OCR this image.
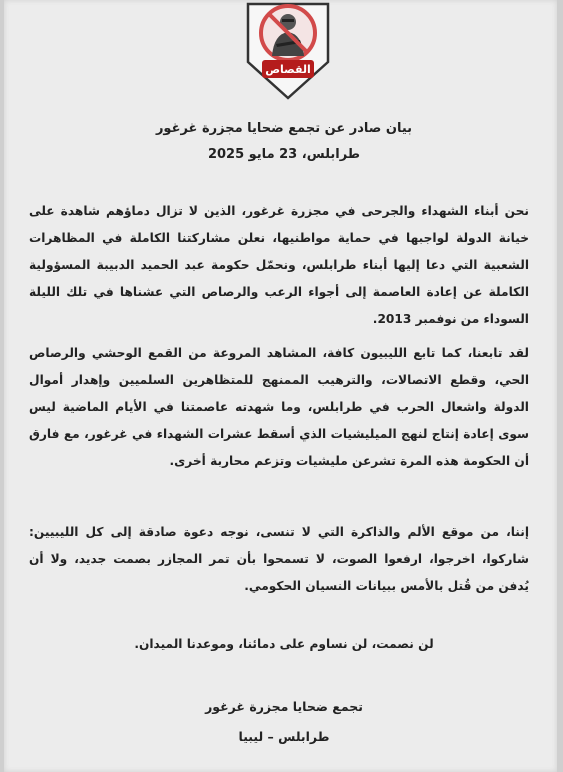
القصاص
بيان صادر عن تجمع ضحايا مجزرة غرغور
طرابلس، 23 مايو 2025
نحن أبناء الشهداء والجرحى في مجزرة غرغور، الذين لا تزال دماؤهم شاهدة على خيانة الدولة لواجبها في حماية مواطنيها، نعلن مشاركتنا الكاملة في المظاهرات الشعبية التي دعا إليها أبناء طرابلس، ونحمّل حكومة عبد الحميد الدبيبة المسؤولية الكاملة عن إعادة العاصمة إلى أجواء الرعب والرصاص التي عشناها في تلك الليلة السوداء من نوفمبر 2013.
لقد تابعنا، كما تابع الليبيون كافة، المشاهد المروعة من القمع الوحشي والرصاص الحي، وقطع الاتصالات، والترهيب الممنهج للمتظاهرين السلميين وإهدار أموال الدولة واشعال الحرب في طرابلس، وما شهدته عاصمتنا في الأيام الماضية ليس سوى إعادة إنتاج لنهج الميليشيات الذي أسقط عشرات الشهداء في غرغور، مع فارق أن الحكومة هذه المرة تشرعن مليشيات وتزعم محاربة أخرى.
إننا، من موقع الألم والذاكرة التي لا تنسى، نوجه دعوة صادقة إلى كل الليبيين: شاركوا، اخرجوا، ارفعوا الصوت، لا تسمحوا بأن تمر المجازر بصمت جديد، ولا أن يُدفن من قُتل بالأمس ببيانات النسيان الحكومي.
لن نصمت، لن نساوم على دمائنا، وموعدنا الميدان.
تجمع ضحايا مجزرة غرغور
طرابلس – ليبيا
